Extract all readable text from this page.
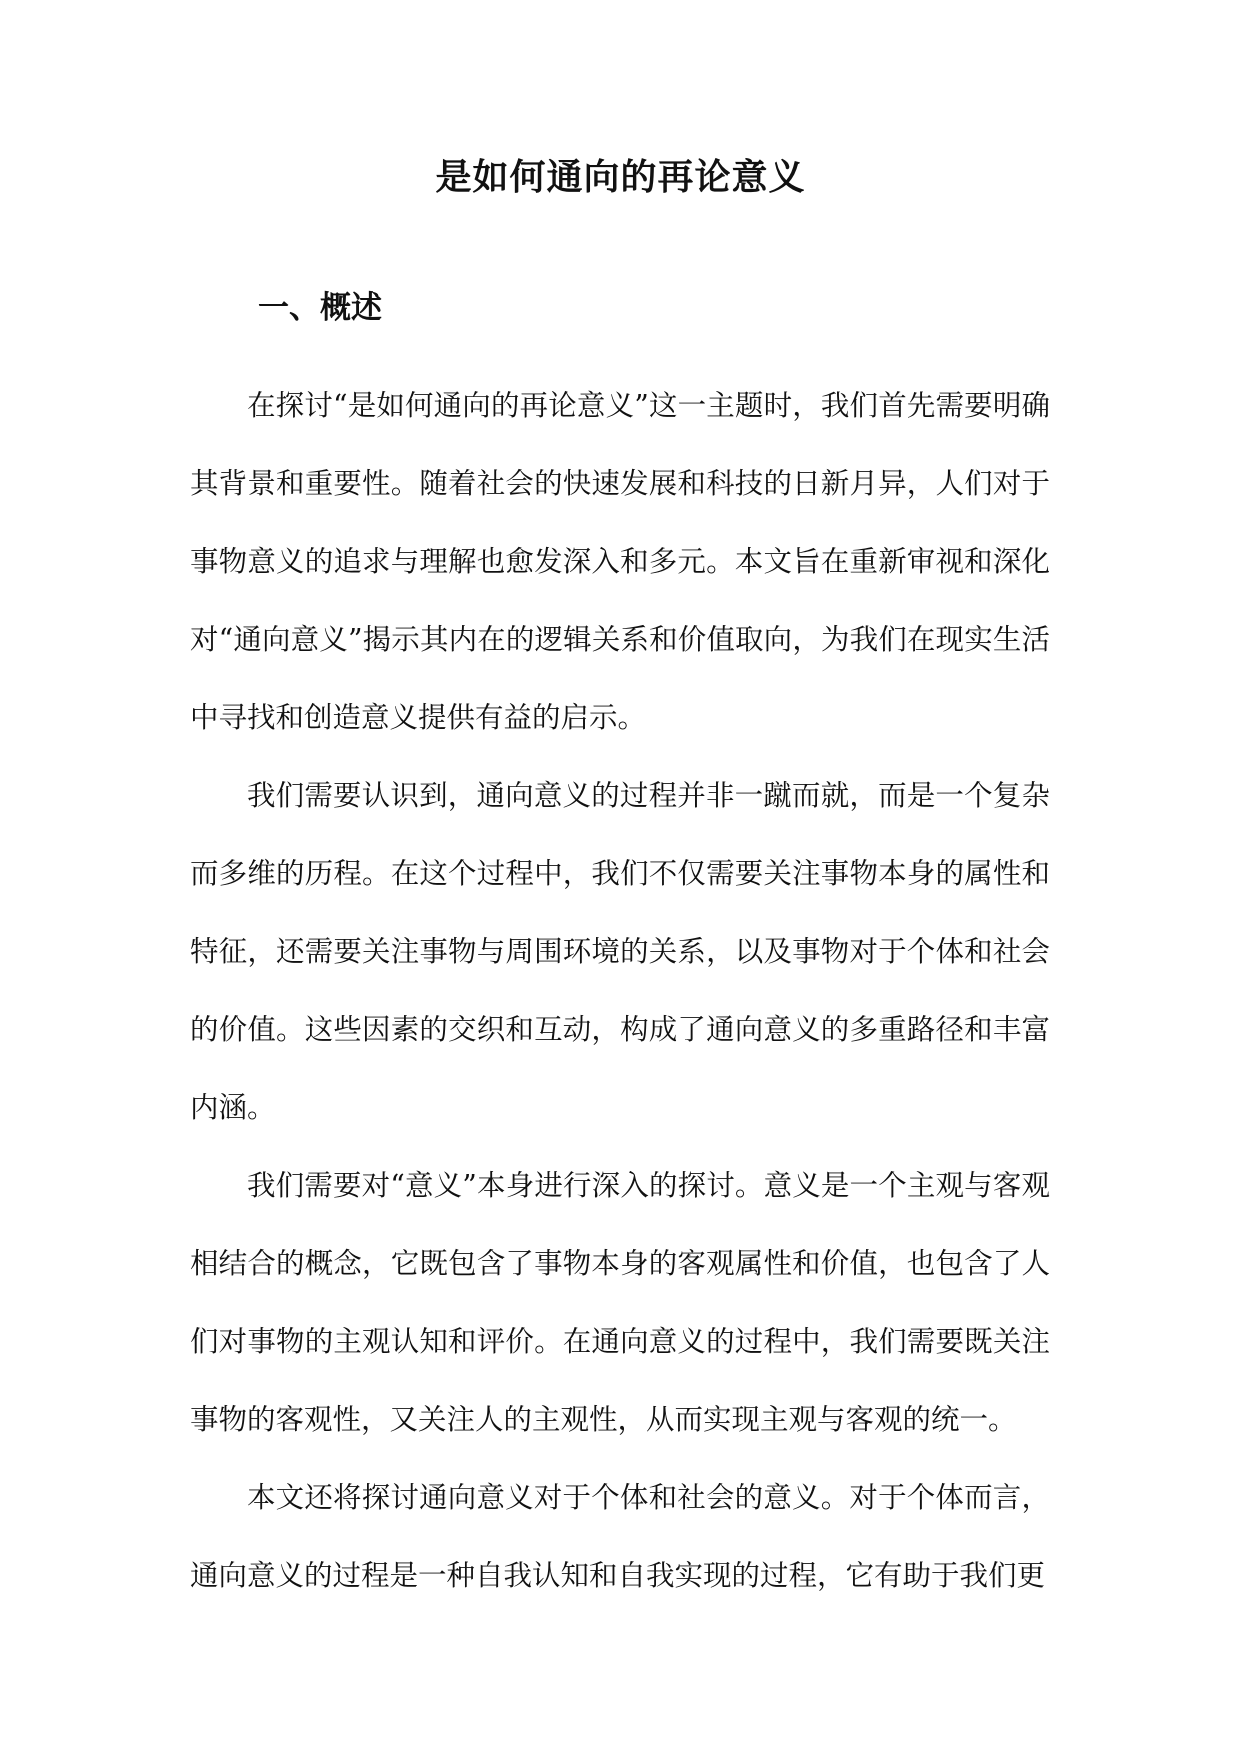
是如何通向的再论意义
一、概述

在探讨“是如何通向的再论意义”这一主题时，我们首先需要明确其背景和重要性。随着社会的快速发展和科技的日新月异，人们对于事物意义的追求与理解也愈发深入和多元。本文旨在重新审视和深化对“通向意义”揭示其内在的逻辑关系和价值取向，为我们在现实生活中寻找和创造意义提供有益的启示。

我们需要认识到，通向意义的过程并非一蹴而就，而是一个复杂而多维的历程。在这个过程中，我们不仅需要关注事物本身的属性和特征，还需要关注事物与周围环境的关系，以及事物对于个体和社会的价值。这些因素的交织和互动，构成了通向意义的多重路径和丰富内涵。

我们需要对“意义”本身进行深入的探讨。意义是一个主观与客观相结合的概念，它既包含了事物本身的客观属性和价值，也包含了人们对事物的主观认知和评价。在通向意义的过程中，我们需要既关注事物的客观性，又关注人的主观性，从而实现主观与客观的统一。

本文还将探讨通向意义对于个体和社会的意义。对于个体而言，通向意义的过程是一种自我认知和自我实现的过程，它有助于我们更
